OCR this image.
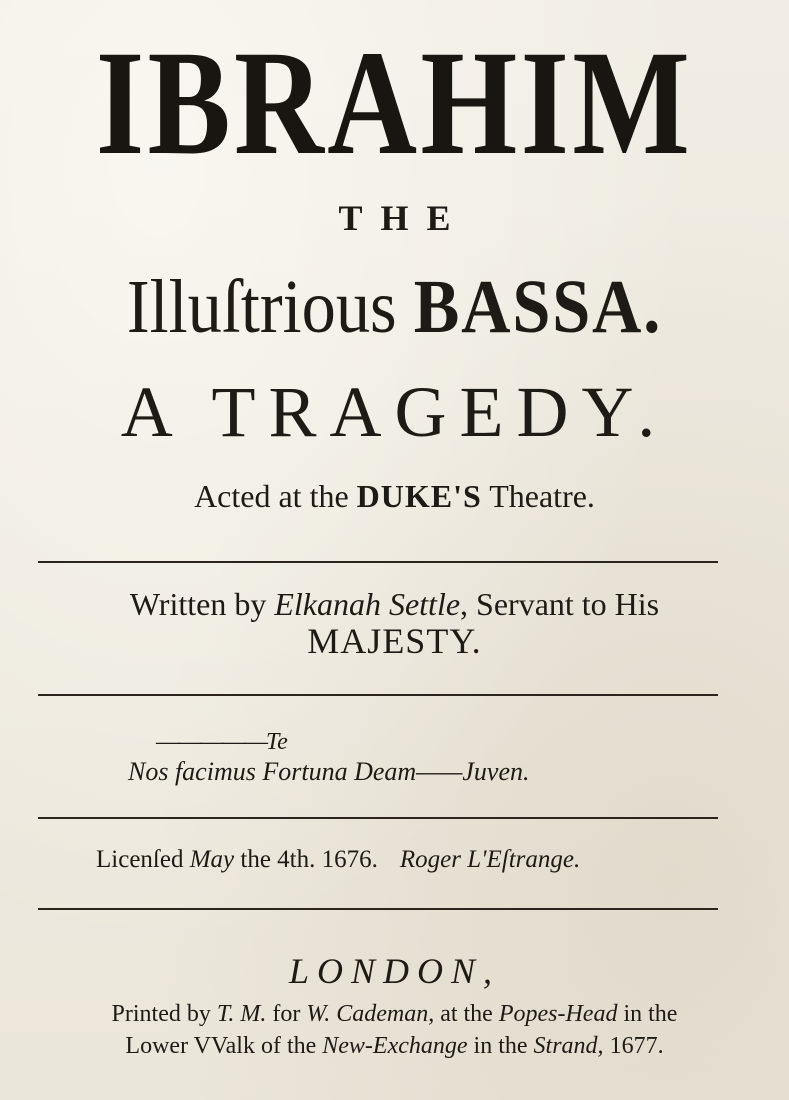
IBRAHIM
THE
Illuſtrious BASSA.
A TRAGEDY.
Acted at the DUKE'S Theatre.
Written by Elkanah Settle, Servant to His
MAJESTY.
—————Te
Nos facimus Fortuna Deam——Juven.
Licenſed May the 4th. 1676. Roger L'Eſtrange.
LONDON,
Printed by T. M. for W. Cademan, at the Popes-Head in the
Lower VValk of the New-Exchange in the Strand, 1677.
